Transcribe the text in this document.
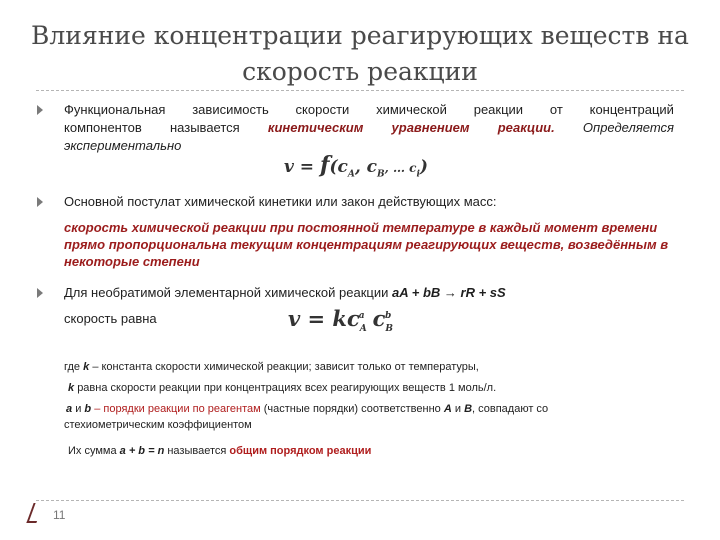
Влияние концентрации реагирующих веществ на скорость реакции
Функциональная зависимость скорости химической реакции от концентраций
компонентов называется кинетическим уравнением реакции. Определяется
экспериментально
$v = f(c_A$, $c_B$, … $c_i$)
Основной постулат химической кинетики или закон действующих масс:
скорость химической реакции при постоянной температуре в каждый момент времени прямо пропорциональна текущим концентрациям реагирующих веществ, возведённым в некоторые степени
Для необратимой элементарной химической реакции aA + bB → rR + sS
скорость равна	$v = kc_A^a$ $c_B^b$
где k – константа скорости химической реакции; зависит только от температуры,
k равна скорости реакции при концентрациях всех реагирующих веществ 1 моль/л.
a и b – порядки реакции по реагентам (частные порядки) соответственно A и B, совпадают со
стехиометрическим коэффициентом
Их сумма a + b = n называется общим порядком реакции
11
